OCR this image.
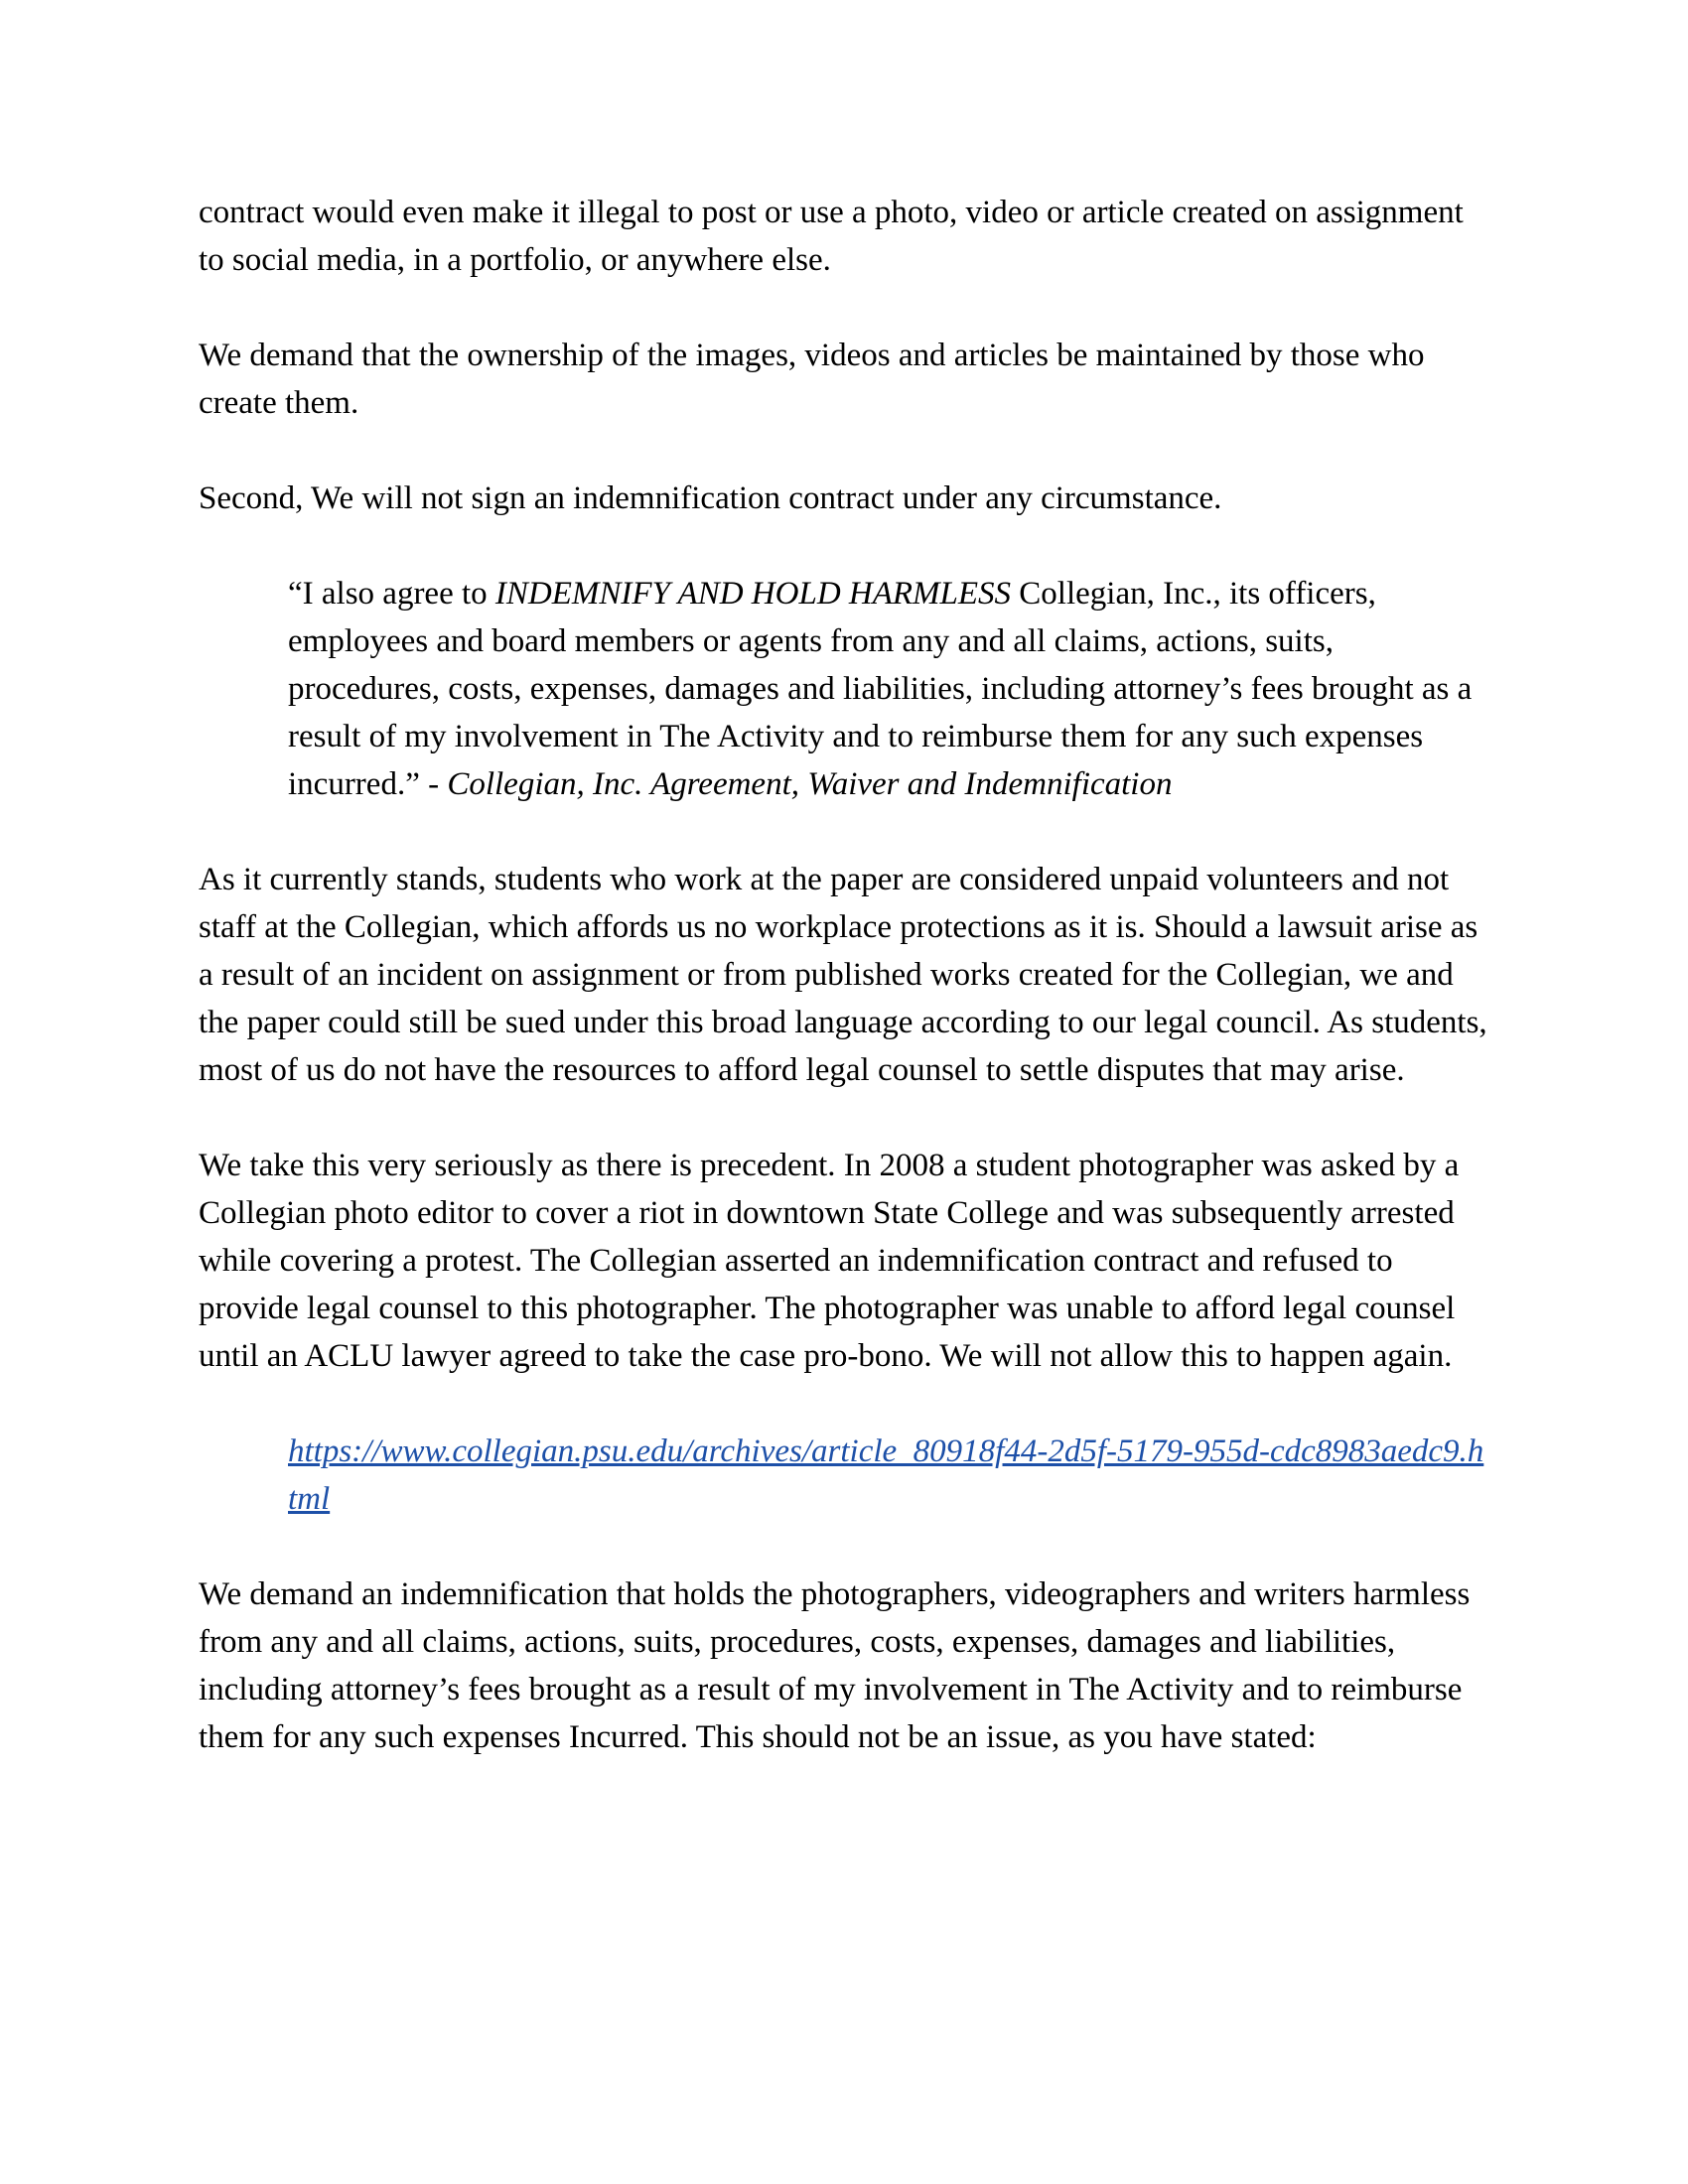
contract would even make it illegal to post or use a photo, video or article created on assignment to social media, in a portfolio, or anywhere else.

We demand that the ownership of the images, videos and articles be maintained by those who create them.

Second, We will not sign an indemnification contract under any circumstance.

“I also agree to INDEMNIFY AND HOLD HARMLESS Collegian, Inc., its officers, employees and board members or agents from any and all claims, actions, suits, procedures, costs, expenses, damages and liabilities, including attorney’s fees brought as a result of my involvement in The Activity and to reimburse them for any such expenses incurred.” - Collegian, Inc. Agreement, Waiver and Indemnification

As it currently stands, students who work at the paper are considered unpaid volunteers and not staff at the Collegian, which affords us no workplace protections as it is. Should a lawsuit arise as a result of an incident on assignment or from published works created for the Collegian, we and the paper could still be sued under this broad language according to our legal council. As students, most of us do not have the resources to afford legal counsel to settle disputes that may arise.

We take this very seriously as there is precedent. In 2008 a student photographer was asked by a Collegian photo editor to cover a riot in downtown State College and was subsequently arrested while covering a protest. The Collegian asserted an indemnification contract and refused to provide legal counsel to this photographer. The photographer was unable to afford legal counsel until an ACLU lawyer agreed to take the case pro-bono. We will not allow this to happen again.

https://www.collegian.psu.edu/archives/article_80918f44-2d5f-5179-955d-cdc8983aedc9.html

We demand an indemnification that holds the photographers, videographers and writers harmless from any and all claims, actions, suits, procedures, costs, expenses, damages and liabilities, including attorney’s fees brought as a result of my involvement in The Activity and to reimburse them for any such expenses Incurred. This should not be an issue, as you have stated:
